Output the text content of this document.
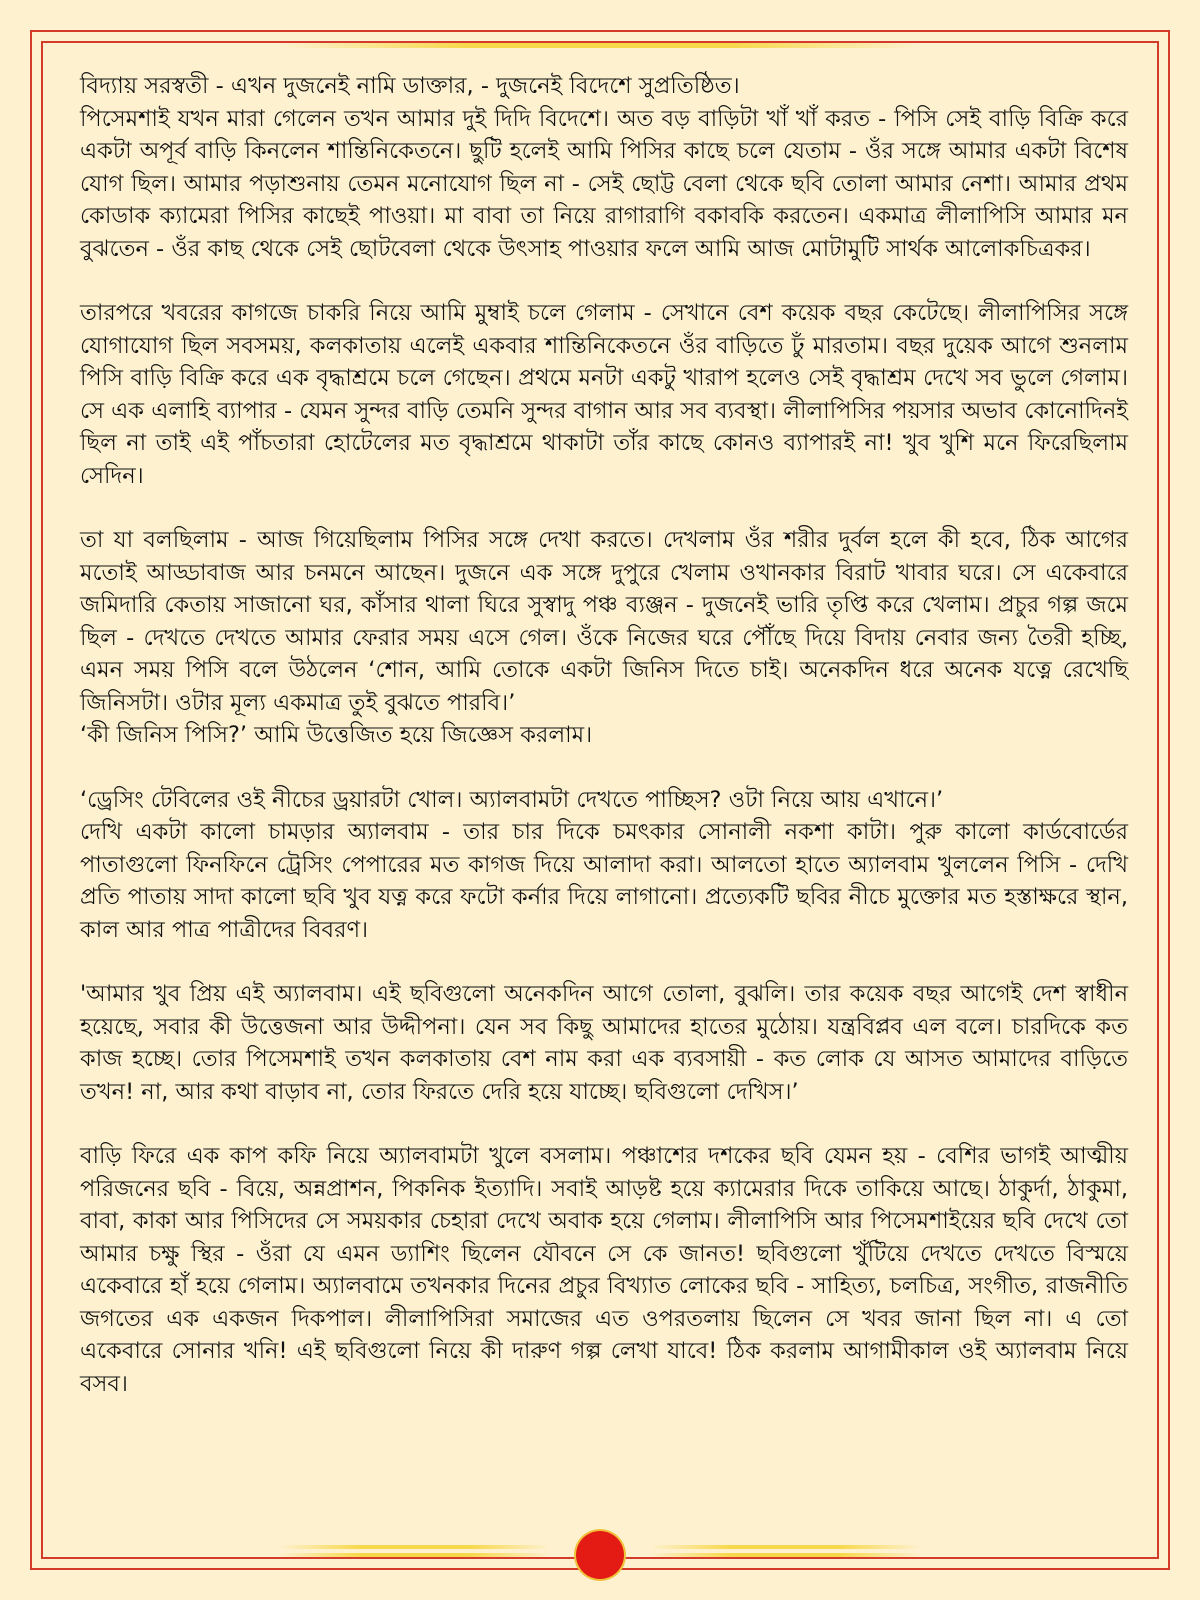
বিদ্যায় সরস্বতী - এখন দুজনেই নামি ডাক্তার, - দুজনেই বিদেশে সুপ্রতিষ্ঠিত।

পিসেমশাই যখন মারা গেলেন তখন আমার দুই দিদি বিদেশে। অত বড় বাড়িটা খাঁ খাঁ করত - পিসি সেই বাড়ি বিক্রি করে একটা অপূর্ব বাড়ি কিনলেন শান্তিনিকেতনে। ছুটি হলেই আমি পিসির কাছে চলে যেতাম - ওঁর সঙ্গে আমার একটা বিশেষ যোগ ছিল। আমার পড়াশুনায় তেমন মনোযোগ ছিল না - সেই ছোট্ট বেলা থেকে ছবি তোলা আমার নেশা। আমার প্রথম কোডাক ক্যামেরা পিসির কাছেই পাওয়া। মা বাবা তা নিয়ে রাগারাগি বকাবকি করতেন। একমাত্র লীলাপিসি আমার মন বুঝতেন - ওঁর কাছ থেকে সেই ছোটবেলা থেকে উৎসাহ পাওয়ার ফলে আমি আজ মোটামুটি সার্থক আলোকচিত্রকর।

তারপরে খবরের কাগজে চাকরি নিয়ে আমি মুম্বাই চলে গেলাম - সেখানে বেশ কয়েক বছর কেটেছে। লীলাপিসির সঙ্গে যোগাযোগ ছিল সবসময়, কলকাতায় এলেই একবার শান্তিনিকেতনে ওঁর বাড়িতে ঢুঁ মারতাম। বছর দুয়েক আগে শুনলাম পিসি বাড়ি বিক্রি করে এক বৃদ্ধাশ্রমে চলে গেছেন। প্রথমে মনটা একটু খারাপ হলেও সেই বৃদ্ধাশ্রম দেখে সব ভুলে গেলাম। সে এক এলাহি ব্যাপার - যেমন সুন্দর বাড়ি তেমনি সুন্দর বাগান আর সব ব্যবস্থা। লীলাপিসির পয়সার অভাব কোনোদিনই ছিল না তাই এই পাঁচতারা হোটেলের মত বৃদ্ধাশ্রমে থাকাটা তাঁর কাছে কোনও ব্যাপারই না! খুব খুশি মনে ফিরেছিলাম সেদিন।

তা যা বলছিলাম - আজ গিয়েছিলাম পিসির সঙ্গে দেখা করতে। দেখলাম ওঁর শরীর দুর্বল হলে কী হবে, ঠিক আগের মতোই আড্ডাবাজ আর চনমনে আছেন। দুজনে এক সঙ্গে দুপুরে খেলাম ওখানকার বিরাট খাবার ঘরে। সে একেবারে জমিদারি কেতায় সাজানো ঘর, কাঁসার থালা ঘিরে সুস্বাদু পঞ্চ ব্যঞ্জন - দুজনেই ভারি তৃপ্তি করে খেলাম। প্রচুর গল্প জমে ছিল - দেখতে দেখতে আমার ফেরার সময় এসে গেল। ওঁকে নিজের ঘরে পৌঁছে দিয়ে বিদায় নেবার জন্য তৈরী হচ্ছি, এমন সময় পিসি বলে উঠলেন ‘শোন, আমি তোকে একটা জিনিস দিতে চাই। অনেকদিন ধরে অনেক যত্নে রেখেছি জিনিসটা। ওটার মূল্য একমাত্র তুই বুঝতে পারবি।’

‘কী জিনিস পিসি?’ আমি উত্তেজিত হয়ে জিজ্ঞেস করলাম।

‘ড্রেসিং টেবিলের ওই নীচের ড্রয়ারটা খোল। অ্যালবামটা দেখতে পাচ্ছিস? ওটা নিয়ে আয় এখানে।’

দেখি একটা কালো চামড়ার অ্যালবাম - তার চার দিকে চমৎকার সোনালী নকশা কাটা। পুরু কালো কার্ডবোর্ডের পাতাগুলো ফিনফিনে ট্রেসিং পেপারের মত কাগজ দিয়ে আলাদা করা। আলতো হাতে অ্যালবাম খুললেন পিসি - দেখি প্রতি পাতায় সাদা কালো ছবি খুব যত্ন করে ফটো কর্নার দিয়ে লাগানো। প্রত্যেকটি ছবির নীচে মুক্তোর মত হস্তাক্ষরে স্থান, কাল আর পাত্র পাত্রীদের বিবরণ।

'আমার খুব প্রিয় এই অ্যালবাম। এই ছবিগুলো অনেকদিন আগে তোলা, বুঝলি। তার কয়েক বছর আগেই দেশ স্বাধীন হয়েছে, সবার কী উত্তেজনা আর উদ্দীপনা। যেন সব কিছু আমাদের হাতের মুঠোয়। যন্ত্রবিপ্লব এল বলে। চারদিকে কত কাজ হচ্ছে। তোর পিসেমশাই তখন কলকাতায় বেশ নাম করা এক ব্যবসায়ী - কত লোক যে আসত আমাদের বাড়িতে তখন! না, আর কথা বাড়াব না, তোর ফিরতে দেরি হয়ে যাচ্ছে। ছবিগুলো দেখিস।’

বাড়ি ফিরে এক কাপ কফি নিয়ে অ্যালবামটা খুলে বসলাম। পঞ্চাশের দশকের ছবি যেমন হয় - বেশির ভাগই আত্মীয় পরিজনের ছবি - বিয়ে, অন্নপ্রাশন, পিকনিক ইত্যাদি। সবাই আড়ষ্ট হয়ে ক্যামেরার দিকে তাকিয়ে আছে। ঠাকুর্দা, ঠাকুমা, বাবা, কাকা আর পিসিদের সে সময়কার চেহারা দেখে অবাক হয়ে গেলাম। লীলাপিসি আর পিসেমশাইয়ের ছবি দেখে তো আমার চক্ষু স্থির - ওঁরা যে এমন ড্যাশিং ছিলেন যৌবনে সে কে জানত! ছবিগুলো খুঁটিয়ে দেখতে দেখতে বিস্ময়ে একেবারে হাঁ হয়ে গেলাম। অ্যালবামে তখনকার দিনের প্রচুর বিখ্যাত লোকের ছবি - সাহিত্য, চলচিত্র, সংগীত, রাজনীতি জগতের এক একজন দিকপাল। লীলাপিসিরা সমাজের এত ওপরতলায় ছিলেন সে খবর জানা ছিল না। এ তো একেবারে সোনার খনি! এই ছবিগুলো নিয়ে কী দারুণ গল্প লেখা যাবে! ঠিক করলাম আগামীকাল ওই অ্যালবাম নিয়ে বসব।
